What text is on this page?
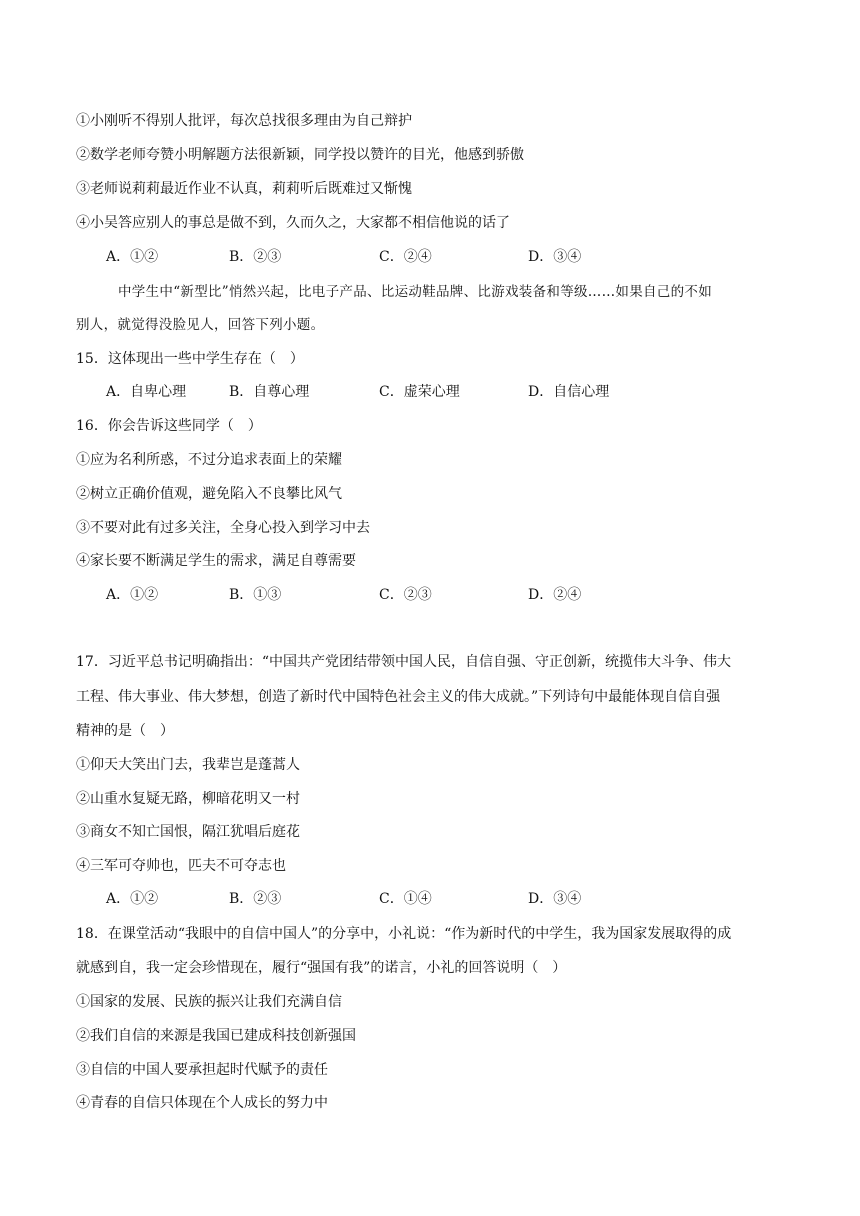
①小刚听不得别人批评，每次总找很多理由为自己辩护
②数学老师夸赞小明解题方法很新颖，同学投以赞许的目光，他感到骄傲
③老师说莉莉最近作业不认真，莉莉听后既难过又惭愧
④小吴答应别人的事总是做不到，久而久之，大家都不相信他说的话了
A．①②	B．②③	C．②④	D．③④
中学生中“新型比”悄然兴起，比电子产品、比运动鞋品牌、比游戏装备和等级……如果自己的不如
别人，就觉得没脸见人，回答下列小题。
15．这体现出一些中学生存在（　）
A．自卑心理	B．自尊心理	C．虚荣心理	D．自信心理
16．你会告诉这些同学（　）
①应为名利所惑，不过分追求表面上的荣耀
②树立正确价值观，避免陷入不良攀比风气
③不要对此有过多关注，全身心投入到学习中去
④家长要不断满足学生的需求，满足自尊需要
A．①②	B．①③	C．②③	D．②④
17．习近平总书记明确指出：“中国共产党团结带领中国人民，自信自强、守正创新，统揽伟大斗争、伟大
工程、伟大事业、伟大梦想，创造了新时代中国特色社会主义的伟大成就。”下列诗句中最能体现自信自强
精神的是（　）
①仰天大笑出门去，我辈岂是蓬蒿人
②山重水复疑无路，柳暗花明又一村
③商女不知亡国恨，隔江犹唱后庭花
④三军可夺帅也，匹夫不可夺志也
A．①②	B．②③	C．①④	D．③④
18．在课堂活动“我眼中的自信中国人”的分享中，小礼说：“作为新时代的中学生，我为国家发展取得的成
就感到自，我一定会珍惜现在，履行“强国有我”的诺言，小礼的回答说明（　）
①国家的发展、民族的振兴让我们充满自信
②我们自信的来源是我国已建成科技创新强国
③自信的中国人要承担起时代赋予的责任
④青春的自信只体现在个人成长的努力中
